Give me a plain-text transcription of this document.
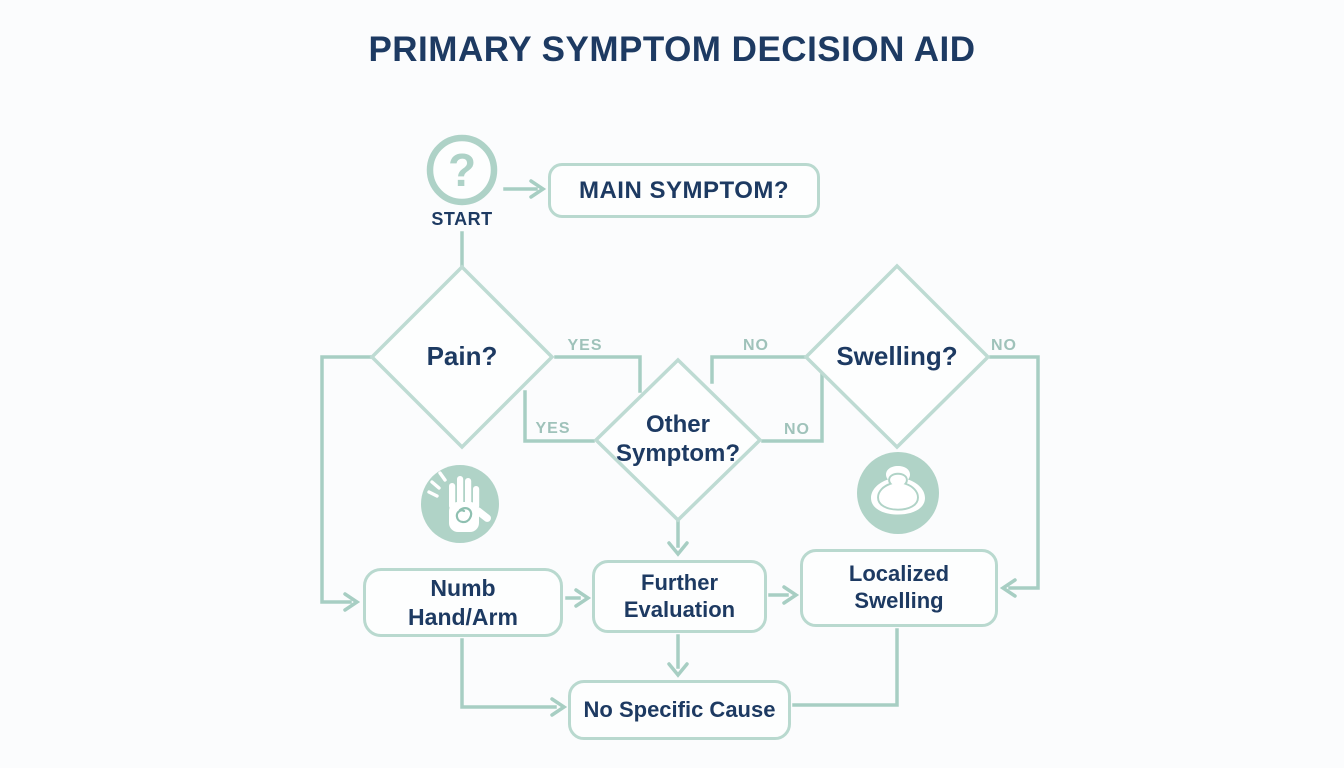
PRIMARY SYMPTOM DECISION AID
?
START
MAIN SYMPTOM?
Pain?
Other
Symptom?
Swelling?
YES
YES
NO
NO
NO
Numb
Hand/Arm
Further
Evaluation
Localized
Swelling
No Specific Cause
